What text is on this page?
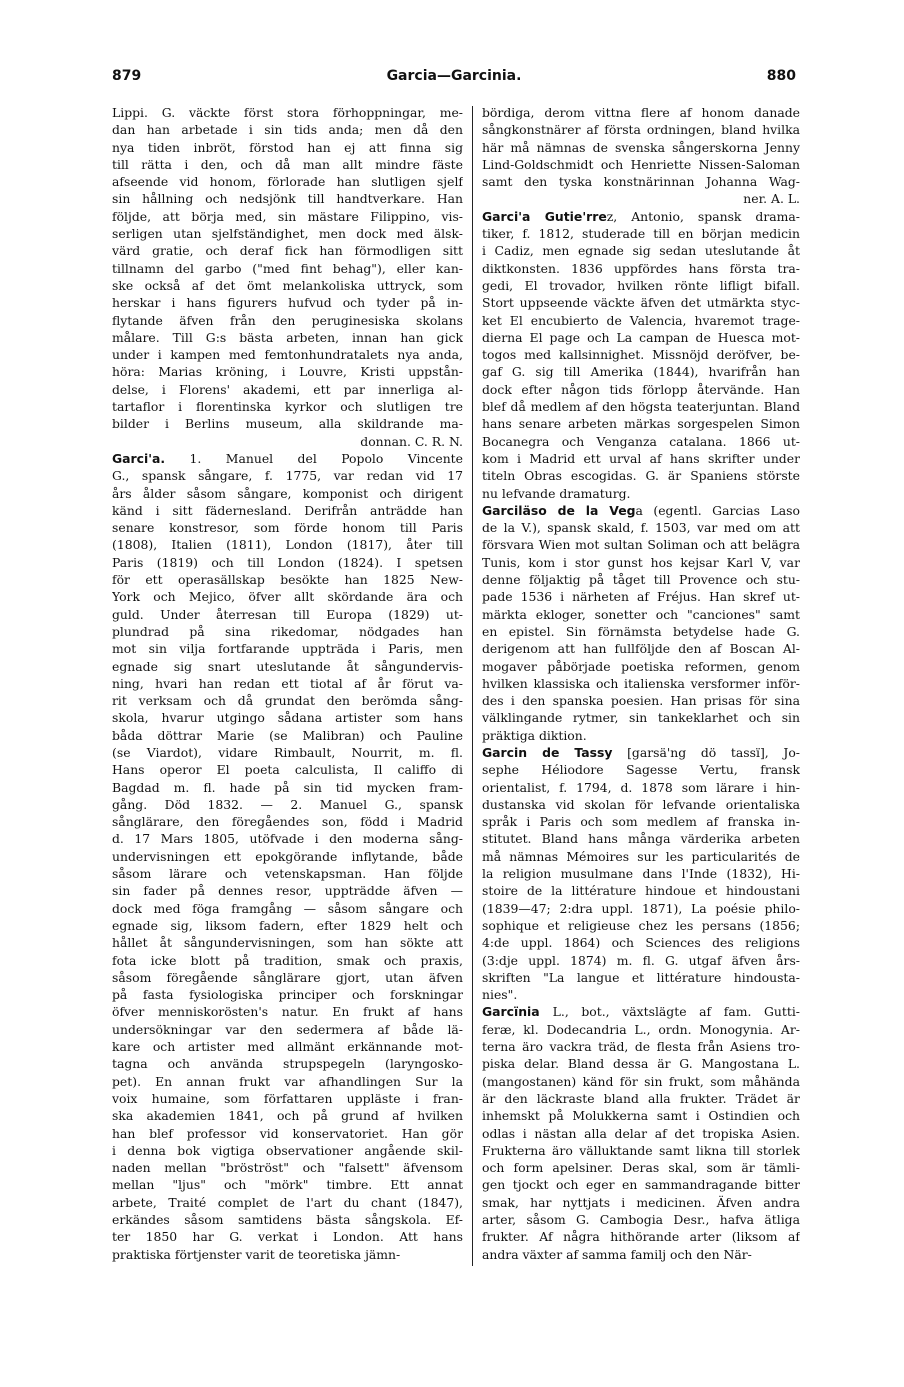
879	Garcia—Garcinia.	880
Lippi. G. väckte först stora förhoppningar, me-
dan han arbetade i sin tids anda; men då den
nya tiden inbröt, förstod han ej att finna sig
till rätta i den, och då man allt mindre fäste
afseende vid honom, förlorade han slutligen sjelf
sin hållning och nedsjönk till handtverkare. Han
följde, att börja med, sin mästare Filippino, vis-
serligen utan sjelfständighet, men dock med älsk-
värd gratie, och deraf fick han förmodligen sitt
tillnamn del garbo ("med fint behag"), eller kan-
ske också af det ömt melankoliska uttryck, som
herskar i hans figurers hufvud och tyder på in-
flytande äfven från den peruginesiska skolans
målare. Till G:s bästa arbeten, innan han gick
under i kampen med femtonhundratalets nya anda,
höra: Marias kröning, i Louvre, Kristi uppstån-
delse, i Florens' akademi, ett par innerliga al-
tartaflor i florentinska kyrkor och slutligen tre
bilder i Berlins museum, alla skildrande ma-
donnan. C. R. N.
Garci'a. 1. Manuel del Popolo Vincente
G., spansk sångare, f. 1775, var redan vid 17
års ålder såsom sångare, komponist och dirigent
känd i sitt fädernesland. Derifrån anträdde han
senare konstresor, som förde honom till Paris
(1808), Italien (1811), London (1817), åter till
Paris (1819) och till London (1824). I spetsen
för ett operasällskap besökte han 1825 New-
York och Mejico, öfver allt skördande ära och
guld. Under återresan till Europa (1829) ut-
plundrad på sina rikedomar, nödgades han
mot sin vilja fortfarande uppträda i Paris, men
egnade sig snart uteslutande åt sångundervis-
ning, hvari han redan ett tiotal af år förut va-
rit verksam och då grundat den berömda sång-
skola, hvarur utgingo sådana artister som hans
båda döttrar Marie (se Malibran) och Pauline
(se Viardot), vidare Rimbault, Nourrit, m. fl.
Hans operor El poeta calculista, Il califfo di
Bagdad m. fl. hade på sin tid mycken fram-
gång. Död 1832. — 2. Manuel G., spansk
sånglärare, den föregåendes son, född i Madrid
d. 17 Mars 1805, utöfvade i den moderna sång-
undervisningen ett epokgörande inflytande, både
såsom lärare och vetenskapsman. Han följde
sin fader på dennes resor, uppträdde äfven —
dock med föga framgång — såsom sångare och
egnade sig, liksom fadern, efter 1829 helt och
hållet åt sångundervisningen, som han sökte att
fota icke blott på tradition, smak och praxis,
såsom föregående sånglärare gjort, utan äfven
på fasta fysiologiska principer och forskningar
öfver menniskorösten's natur. En frukt af hans
undersökningar var den sedermera af både lä-
kare och artister med allmänt erkännande mot-
tagna och använda strupspegeln (laryngosko-
pet). En annan frukt var afhandlingen Sur la
voix humaine, som författaren uppläste i fran-
ska akademien 1841, och på grund af hvilken
han blef professor vid konservatoriet. Han gör
i denna bok vigtiga observationer angående skil-
naden mellan "bröströst" och "falsett" äfvensom
mellan "ljus" och "mörk" timbre. Ett annat
arbete, Traité complet de l'art du chant (1847),
erkändes såsom samtidens bästa sångskola. Ef-
ter 1850 har G. verkat i London. Att hans
praktiska förtjenster varit de teoretiska jämn-
bördiga, derom vittna flere af honom danade
sångkonstnärer af första ordningen, bland hvilka
här må nämnas de svenska sångerskorna Jenny
Lind-Goldschmidt och Henriette Nissen-Saloman
samt den tyska konstnärinnan Johanna Wag-
ner. A. L.
Garci'a Gutie'rrez, Antonio, spansk drama-
tiker, f. 1812, studerade till en början medicin
i Cadiz, men egnade sig sedan uteslutande åt
diktkonsten. 1836 uppfördes hans första tra-
gedi, El trovador, hvilken rönte lifligt bifall.
Stort uppseende väckte äfven det utmärkta styc-
ket El encubierto de Valencia, hvaremot trage-
dierna El page och La campan de Huesca mot-
togos med kallsinnighet. Missnöjd deröfver, be-
gaf G. sig till Amerika (1844), hvarifrån han
dock efter någon tids förlopp återvände. Han
blef då medlem af den högsta teaterjuntan. Bland
hans senare arbeten märkas sorgespelen Simon
Bocanegra och Venganza catalana. 1866 ut-
kom i Madrid ett urval af hans skrifter under
titeln Obras escogidas. G. är Spaniens störste
nu lefvande dramaturg.
Garciläso de la Vega (egentl. Garcias Laso
de la V.), spansk skald, f. 1503, var med om att
försvara Wien mot sultan Soliman och att belägra
Tunis, kom i stor gunst hos kejsar Karl V, var
denne följaktig på tåget till Provence och stu-
pade 1536 i närheten af Fréjus. Han skref ut-
märkta ekloger, sonetter och "canciones" samt
en epistel. Sin förnämsta betydelse hade G.
derigenom att han fullföljde den af Boscan Al-
mogaver påbörjade poetiska reformen, genom
hvilken klassiska och italienska versformer inför-
des i den spanska poesien. Han prisas för sina
välklingande rytmer, sin tankeklarhet och sin
präktiga diktion.
Garcin de Tassy [garsä'ng dö tassï], Jo-
sephe Héliodore Sagesse Vertu, fransk
orientalist, f. 1794, d. 1878 som lärare i hin-
dustanska vid skolan för lefvande orientaliska
språk i Paris och som medlem af franska in-
stitutet. Bland hans många värderika arbeten
må nämnas Mémoires sur les particularités de
la religion musulmane dans l'Inde (1832), Hi-
stoire de la littérature hindoue et hindoustani
(1839—47; 2:dra uppl. 1871), La poésie philo-
sophique et religieuse chez les persans (1856;
4:de uppl. 1864) och Sciences des religions
(3:dje uppl. 1874) m. fl. G. utgaf äfven års-
skriften "La langue et littérature hindousta-
nies".
Garcïnia L., bot., växtslägte af fam. Gutti-
feræ, kl. Dodecandria L., ordn. Monogynia. Ar-
terna äro vackra träd, de flesta från Asiens tro-
piska delar. Bland dessa är G. Mangostana L.
(mangostanen) känd för sin frukt, som måhända
är den läckraste bland alla frukter. Trädet är
inhemskt på Molukkerna samt i Ostindien och
odlas i nästan alla delar af det tropiska Asien.
Frukterna äro välluktande samt likna till storlek
och form apelsiner. Deras skal, som är tämli-
gen tjockt och eger en sammandragande bitter
smak, har nyttjats i medicinen. Äfven andra
arter, såsom G. Cambogia Desr., hafva ätliga
frukter. Af några hithörande arter (liksom af
andra växter af samma familj och den När-
